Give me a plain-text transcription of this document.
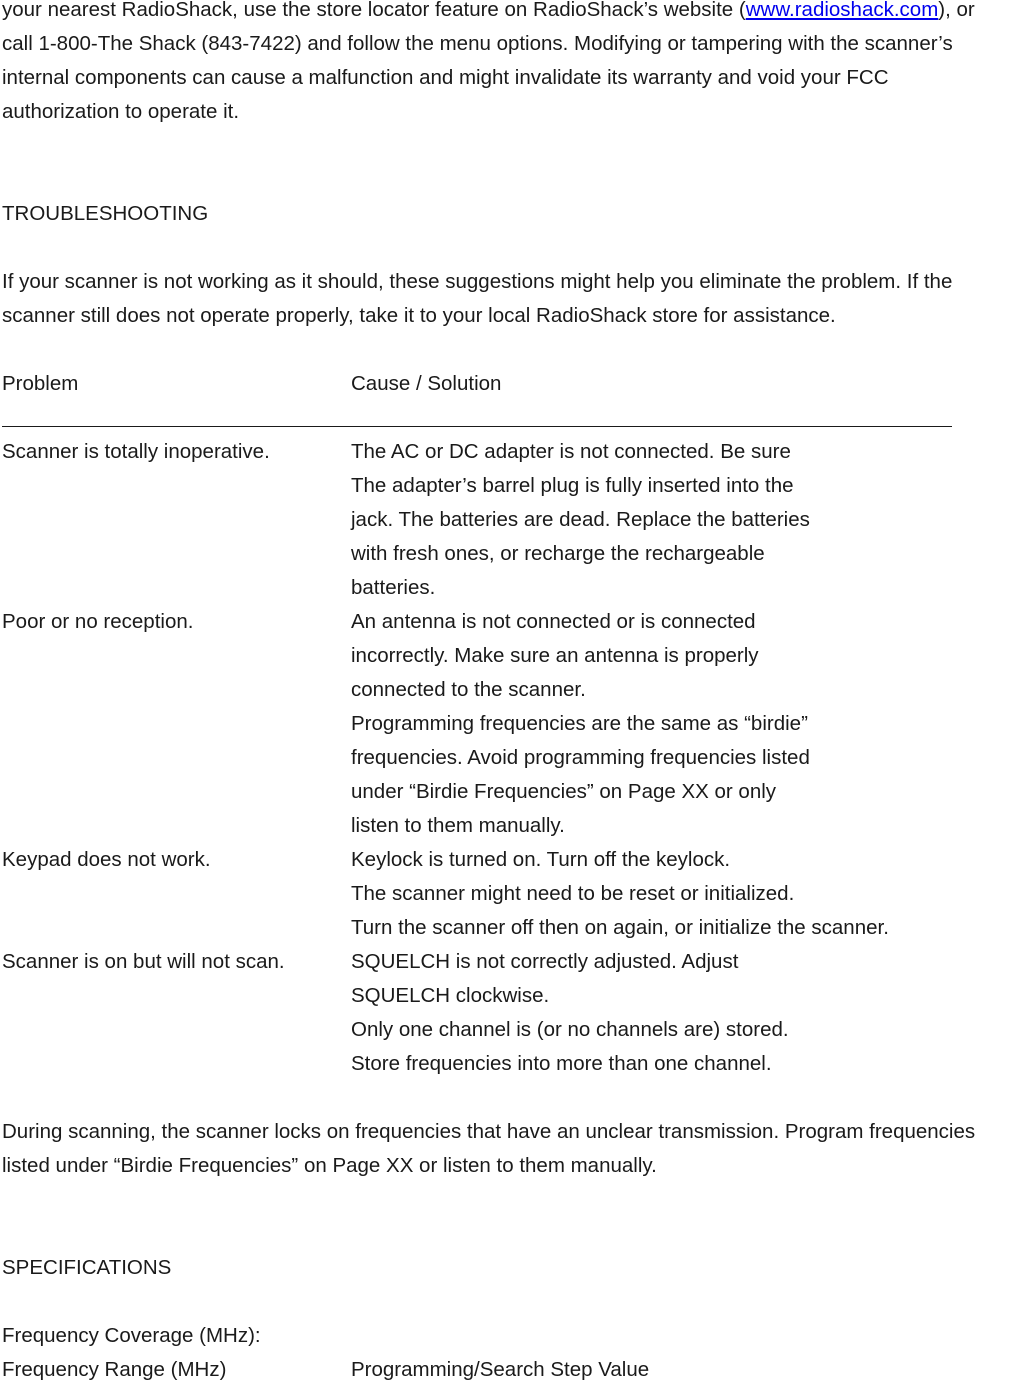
your nearest RadioShack, use the store locator feature on RadioShack’s website (www.radioshack.com), or
call 1-800-The Shack (843-7422) and follow the menu options. Modifying or tampering with the scanner’s
internal components can cause a malfunction and might invalidate its warranty and void your FCC
authorization to operate it.
TROUBLESHOOTING
If your scanner is not working as it should, these suggestions might help you eliminate the problem. If the
scanner still does not operate properly, take it to your local RadioShack store for assistance.
Problem	Cause / Solution
Scanner is totally inoperative.	The AC or DC adapter is not connected. Be sure
The adapter’s barrel plug is fully inserted into the
jack. The batteries are dead. Replace the batteries
with fresh ones, or recharge the rechargeable
batteries.
Poor or no reception.	An antenna is not connected or is connected
incorrectly. Make sure an antenna is properly
connected to the scanner.
Programming frequencies are the same as “birdie”
frequencies. Avoid programming frequencies listed
under “Birdie Frequencies” on Page XX or only
listen to them manually.
Keypad does not work.	Keylock is turned on. Turn off the keylock.
The scanner might need to be reset or initialized.
Turn the scanner off then on again, or initialize the scanner.
Scanner is on but will not scan.	SQUELCH is not correctly adjusted. Adjust
SQUELCH clockwise.
Only one channel is (or no channels are) stored.
Store frequencies into more than one channel.
During scanning, the scanner locks on frequencies that have an unclear transmission. Program frequencies
listed under “Birdie Frequencies” on Page XX or listen to them manually.
SPECIFICATIONS
Frequency Coverage (MHz):
Frequency Range (MHz)	Programming/Search Step Value
